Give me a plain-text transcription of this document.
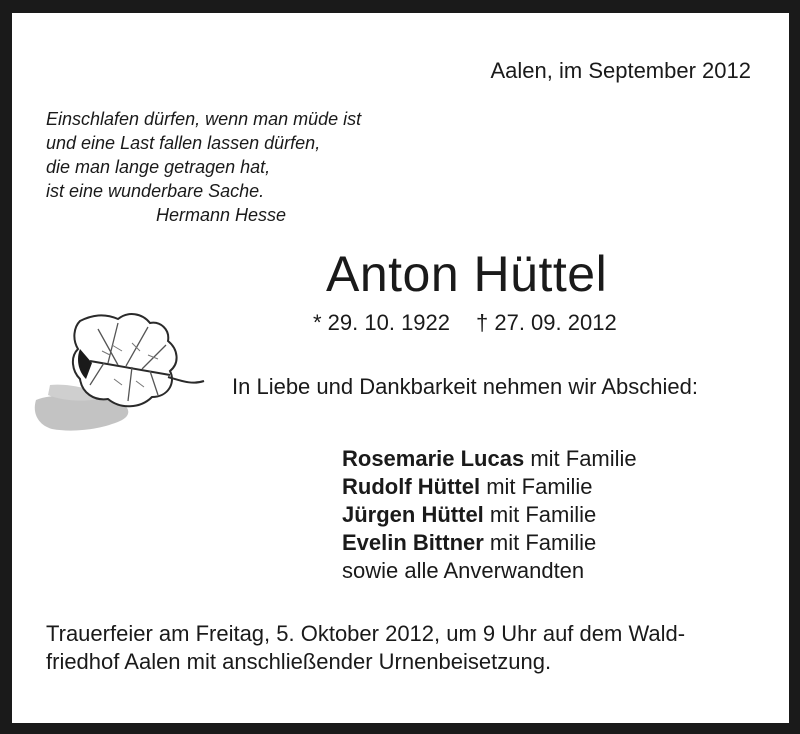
Aalen, im September 2012
Einschlafen dürfen, wenn man müde ist
und eine Last fallen lassen dürfen,
die man lange getragen hat,
ist eine wunderbare Sache.
Hermann Hesse
Anton Hüttel
* 29. 10. 1922 † 27. 09. 2012
In Liebe und Dankbarkeit nehmen wir Abschied:
Rosemarie Lucas mit Familie
Rudolf Hüttel mit Familie
Jürgen Hüttel mit Familie
Evelin Bittner mit Familie
sowie alle Anverwandten
Trauerfeier am Freitag, 5. Oktober 2012, um 9 Uhr auf dem Wald-
friedhof Aalen mit anschließender Urnenbeisetzung.
